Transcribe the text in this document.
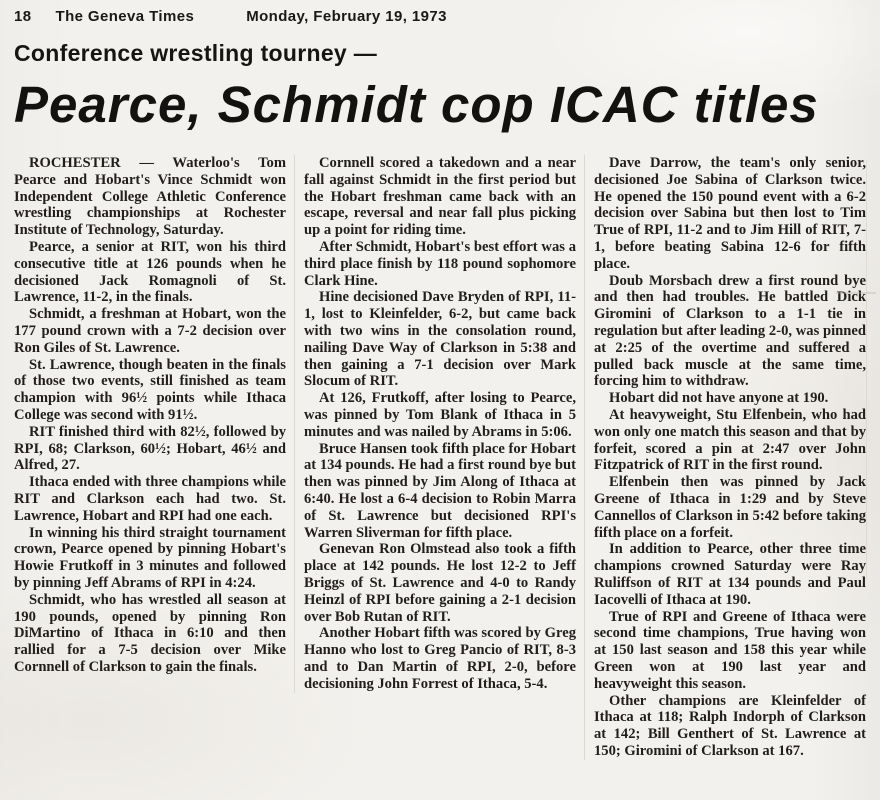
18 The Geneva Times	Monday, February 19, 1973
Conference wrestling tourney —
Pearce, Schmidt cop ICAC titles

ROCHESTER — Waterloo's Tom Pearce and Hobart's Vince Schmidt won Independent College Athletic Conference wrestling championships at Rochester Institute of Technology, Saturday.

Pearce, a senior at RIT, won his third consecutive title at 126 pounds when he decisioned Jack Romagnoli of St. Lawrence, 11-2, in the finals.

Schmidt, a freshman at Hobart, won the 177 pound crown with a 7-2 decision over Ron Giles of St. Lawrence.

St. Lawrence, though beaten in the finals of those two events, still finished as team champion with 96½ points while Ithaca College was second with 91½.

RIT finished third with 82½, followed by RPI, 68; Clarkson, 60½; Hobart, 46½ and Alfred, 27.

Ithaca ended with three champions while RIT and Clarkson each had two. St. Lawrence, Hobart and RPI had one each.

In winning his third straight tournament crown, Pearce opened by pinning Hobart's Howie Frutkoff in 3 minutes and followed by pinning Jeff Abrams of RPI in 4:24.

Schmidt, who has wrestled all season at 190 pounds, opened by pinning Ron DiMartino of Ithaca in 6:10 and then rallied for a 7-5 decision over Mike Cornnell of Clarkson to gain the finals.

Cornnell scored a takedown and a near fall against Schmidt in the first period but the Hobart freshman came back with an escape, reversal and near fall plus picking up a point for riding time.

After Schmidt, Hobart's best effort was a third place finish by 118 pound sophomore Clark Hine.

Hine decisioned Dave Bryden of RPI, 11-1, lost to Kleinfelder, 6-2, but came back with two wins in the consolation round, nailing Dave Way of Clarkson in 5:38 and then gaining a 7-1 decision over Mark Slocum of RIT.

At 126, Frutkoff, after losing to Pearce, was pinned by Tom Blank of Ithaca in 5 minutes and was nailed by Abrams in 5:06.

Bruce Hansen took fifth place for Hobart at 134 pounds. He had a first round bye but then was pinned by Jim Along of Ithaca at 6:40. He lost a 6-4 decision to Robin Marra of St. Lawrence but decisioned RPI's Warren Sliverman for fifth place.

Genevan Ron Olmstead also took a fifth place at 142 pounds. He lost 12-2 to Jeff Briggs of St. Lawrence and 4-0 to Randy Heinzl of RPI before gaining a 2-1 decision over Bob Rutan of RIT.

Another Hobart fifth was scored by Greg Hanno who lost to Greg Pancio of RIT, 8-3 and to Dan Martin of RPI, 2-0, before decisioning John Forrest of Ithaca, 5-4.

Dave Darrow, the team's only senior, decisioned Joe Sabina of Clarkson twice. He opened the 150 pound event with a 6-2 decision over Sabina but then lost to Tim True of RPI, 11-2 and to Jim Hill of RIT, 7-1, before beating Sabina 12-6 for fifth place.

Doub Morsbach drew a first round bye and then had troubles. He battled Dick Giromini of Clarkson to a 1-1 tie in regulation but after leading 2-0, was pinned at 2:25 of the overtime and suffered a pulled back muscle at the same time, forcing him to withdraw.

Hobart did not have anyone at 190.

At heavyweight, Stu Elfenbein, who had won only one match this season and that by forfeit, scored a pin at 2:47 over John Fitzpatrick of RIT in the first round.

Elfenbein then was pinned by Jack Greene of Ithaca in 1:29 and by Steve Cannellos of Clarkson in 5:42 before taking fifth place on a forfeit.

In addition to Pearce, other three time champions crowned Saturday were Ray Ruliffson of RIT at 134 pounds and Paul Iacovelli of Ithaca at 190.

True of RPI and Greene of Ithaca were second time champions, True having won at 150 last season and 158 this year while Green won at 190 last year and heavyweight this season.

Other champions are Kleinfelder of Ithaca at 118; Ralph Indorph of Clarkson at 142; Bill Genthert of St. Lawrence at 150; Giromini of Clarkson at 167.
